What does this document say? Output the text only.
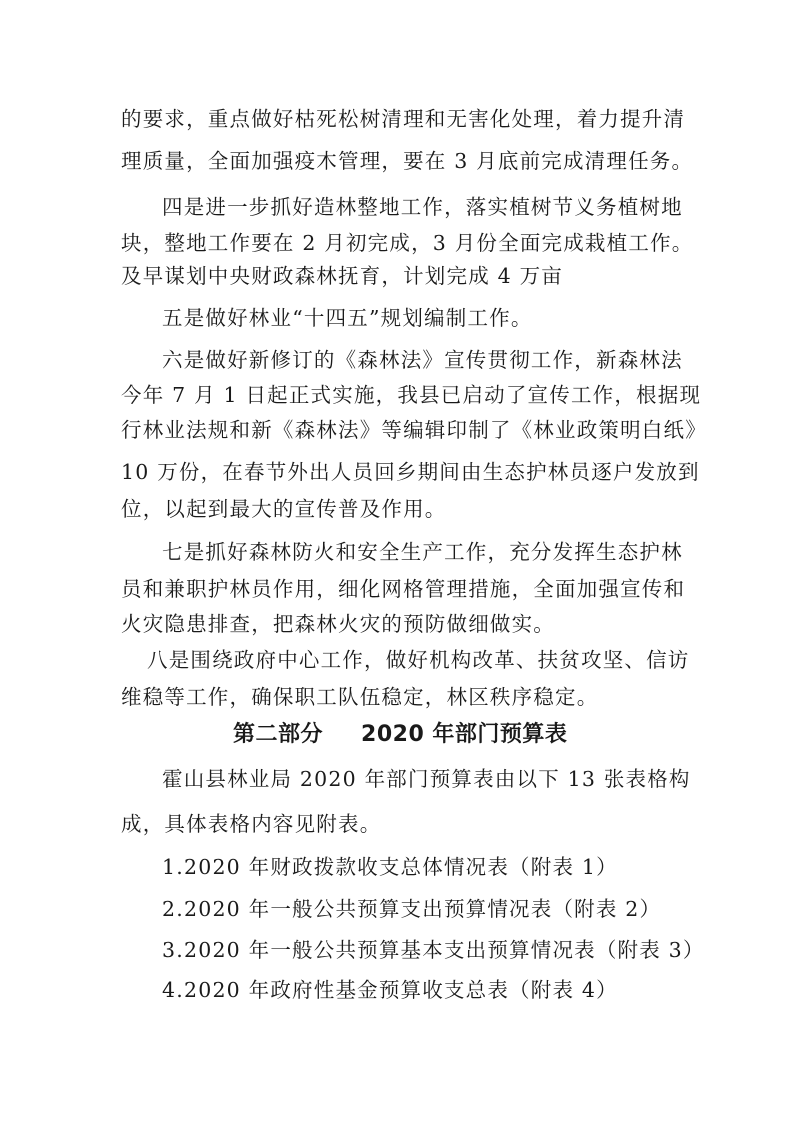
的要求，重点做好枯死松树清理和无害化处理，着力提升清
理质量，全面加强疫木管理，要在 3 月底前完成清理任务。
四是进一步抓好造林整地工作，落实植树节义务植树地
块，整地工作要在 2 月初完成，3 月份全面完成栽植工作。
及早谋划中央财政森林抚育，计划完成 4 万亩
五是做好林业“十四五”规划编制工作。
六是做好新修订的《森林法》宣传贯彻工作，新森林法
今年 7 月 1 日起正式实施，我县已启动了宣传工作，根据现
行林业法规和新《森林法》等编辑印制了《林业政策明白纸》
10 万份，在春节外出人员回乡期间由生态护林员逐户发放到
位，以起到最大的宣传普及作用。
七是抓好森林防火和安全生产工作，充分发挥生态护林
员和兼职护林员作用，细化网格管理措施，全面加强宣传和
火灾隐患排查，把森林火灾的预防做细做实。
八是围绕政府中心工作，做好机构改革、扶贫攻坚、信访
维稳等工作，确保职工队伍稳定，林区秩序稳定。
第二部分 2020 年部门预算表
霍山县林业局 2020 年部门预算表由以下 13 张表格构
成，具体表格内容见附表。
1.2020 年财政拨款收支总体情况表（附表 1）
2.2020 年一般公共预算支出预算情况表（附表 2）
3.2020 年一般公共预算基本支出预算情况表（附表 3）
4.2020 年政府性基金预算收支总表（附表 4）
